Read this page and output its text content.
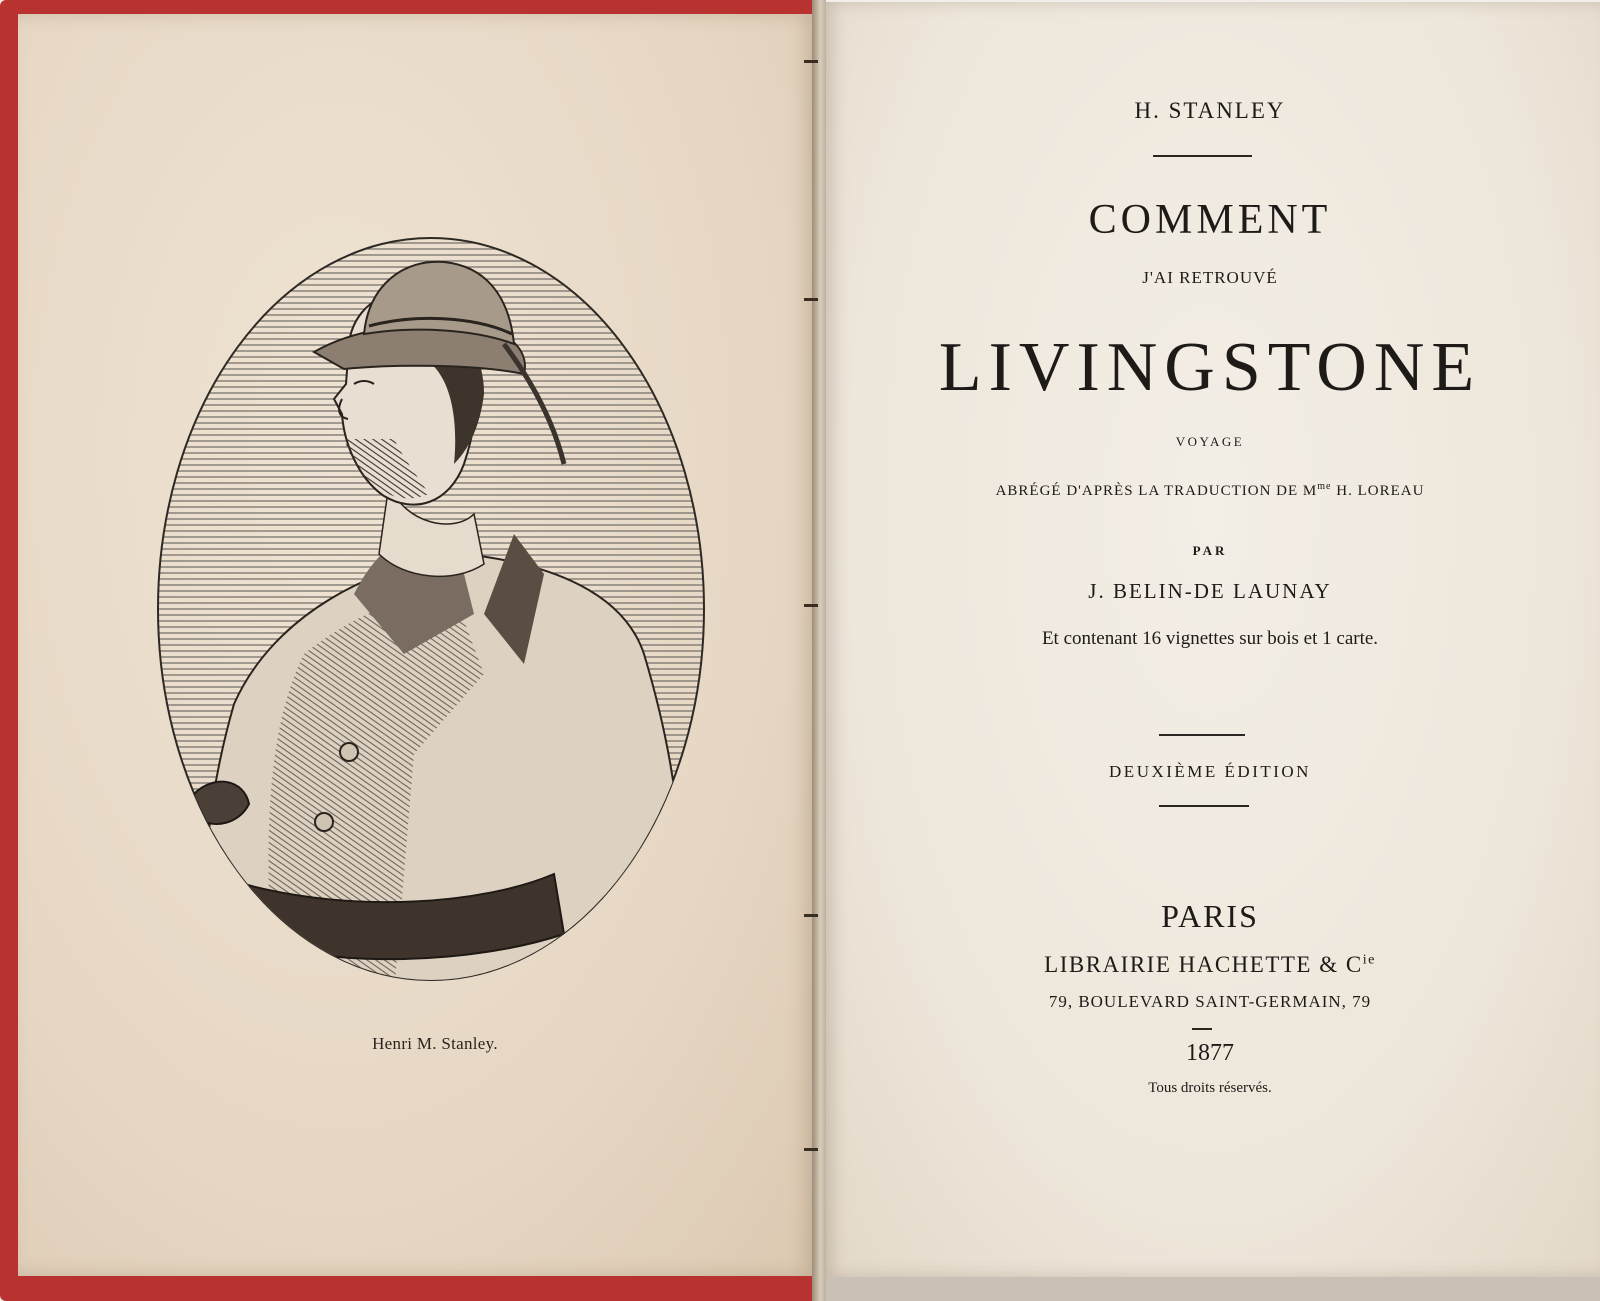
Henri M. Stanley.
H. STANLEY
COMMENT
J'AI RETROUVÉ
LIVINGSTONE
VOYAGE
ABRÉGÉ D'APRÈS LA TRADUCTION DE $M^{me}$ H. LOREAU
PAR
J. BELIN-DE LAUNAY
Et contenant 16 vignettes sur bois et 1 carte.
DEUXIÈME ÉDITION
PARIS
LIBRAIRIE HACHETTE & $C^{ie}$
79, BOULEVARD SAINT-GERMAIN, 79
1877
Tous droits réservés.
